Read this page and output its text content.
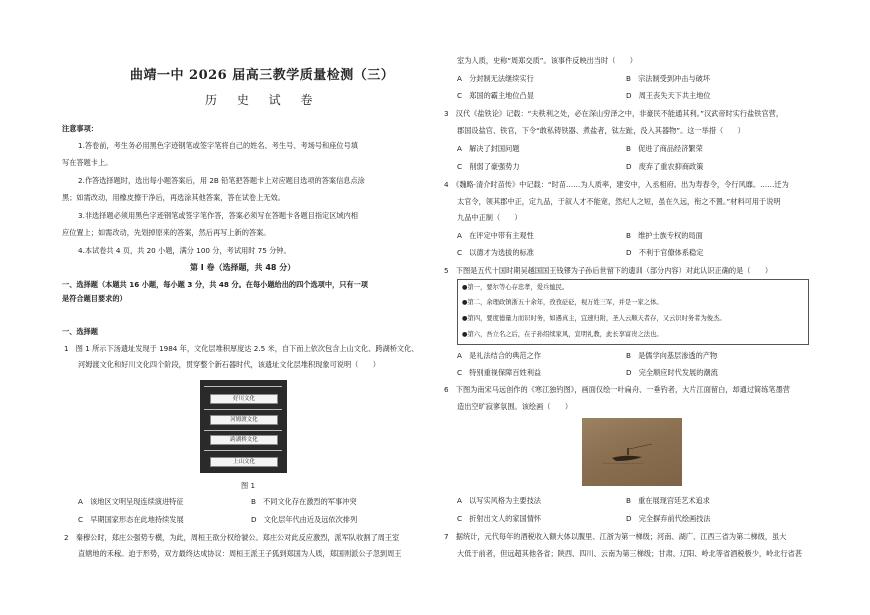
曲靖一中 2026 届高三教学质量检测（三）
历 史 试 卷
注意事项：
1.答卷前，考生务必用黑色字迹钢笔或签字笔将自己的姓名、考生号、考场号和座位号填
写在答题卡上。
2.作答选择题时，选出每小题答案后，用 2B 铅笔把答题卡上对应题目选项的答案信息点涂
黑；如需改动，用橡皮擦干净后，再选涂其他答案，答在试卷上无效。
3.非选择题必须用黑色字迹钢笔或签字笔作答，答案必须写在答题卡各题目指定区域内相
应位置上；如需改动，先划掉原来的答案，然后再写上新的答案。
4.本试卷共 4 页，共 20 小题，满分 100 分，考试用时 75 分钟。
第 Ⅰ 卷（选择题，共 48 分）
一、选择题（本题共 16 小题，每小题 3 分，共 48 分。在每小题给出的四个选项中，只有一项
是符合题目要求的）
一、选择题
1　图 1 所示下汤遗址发现于 1984 年，文化层堆积厚度达 2.5 米，自下而上依次包含上山文化、跨湖桥文化、
河姆渡文化和好川文化四个阶段，贯穿整个新石器时代，该遗址文化层堆积现象可说明（　　）
好川文化
河姆渡文化
跨湖桥文化
上山文化
图 1
A　该地区文明呈现连续演进特征	B　不同文化存在激烈的军事冲突
C　早期国家形态在此地持续发展	D　文化层年代由近及远依次排列
2　秦穆公时，郑庄公强势专横，为此，周桓王欲分权给虢公。郑庄公对此反应激烈，派军队收割了周王室
直辖地的禾稼。迫于形势，双方最终达成协议：周桓王派王子狐到郑国为人质，郑国则派公子忽到周王
室为人质，史称“周郑交质”。该事件反映出当时（　　）
A　分封制无法继续实行	B　宗法制受到冲击与破坏
C　郑国的霸主地位凸显	D　周王丧失天下共主地位
3　汉代《盐铁论》记载：“夫秩利之处，必在深山穷泽之中，非豪民不能通其利。”汉武帝时实行盐铁官营，
郡国设盐官、铁官，下令“敢私铸铁器、煮盐者，钛左趾，没入其器物”。这一举措（　　）
A　解决了封国问题	B　促进了商品经济繁荣
C　削弱了豪强势力	D　废弃了重农抑商政策
4　《魏略·清介时苗传》中记载：“时苗……为人质率，建安中，入丞相府。出为寿春令，令行风靡。……迁为
太官令，领其郡中正，定九品，于叙人才不能宽，然纪人之短，虽在久远，衔之不置。”材料可用于说明
九品中正制（　　）
A　在评定中带有主观性	B　维护士族专权的局面
C　以德才为选拔的标准	D　不利于官僚体系稳定
5　下图是五代十国时期吴越国国王钱镠为子孙后世留下的遗训（部分内容）对此认识正确的是（　　）
●第一，要尔等心存忠孝，爱兵恤民。
●第二，余理政镇浙五十余年，孜孜砭砭，视万姓三军，并是一家之体。
●第四，要度德量力而识时务，如遇真主，宜速归附，圣人云顺天者存，又云识时务者为俊杰。
●第六，吾立名之后，在子孙绍续家风，宣明礼教，此长享富贵之法也。
A　是礼法结合的典范之作	B　是儒学向基层渗透的产物
C　特别重视保障百姓利益	D　完全顺应时代发展的潮流
6　下图为南宋马远创作的《寒江独钓图》，画面仅绘一叶扁舟、一垂钓者，大片江面留白，却通过简练笔墨营
造出空旷寂寥氛围。该绘画（　　）
A　以写实风格为主要技法	B　重在展现宫廷艺术追求
C　折射出文人的家国情怀	D　完全摒弃前代绘画技法
7　据统计，元代每年的酒税收入额大体以腹里、江浙为第一梯级；河南、湖广、江西三省为第二梯级，虽大
大低于前者，但远超其他各省；陕西、四川、云南为第三梯级；甘肃、辽阳、岭北等省酒税极少，岭北行省甚
